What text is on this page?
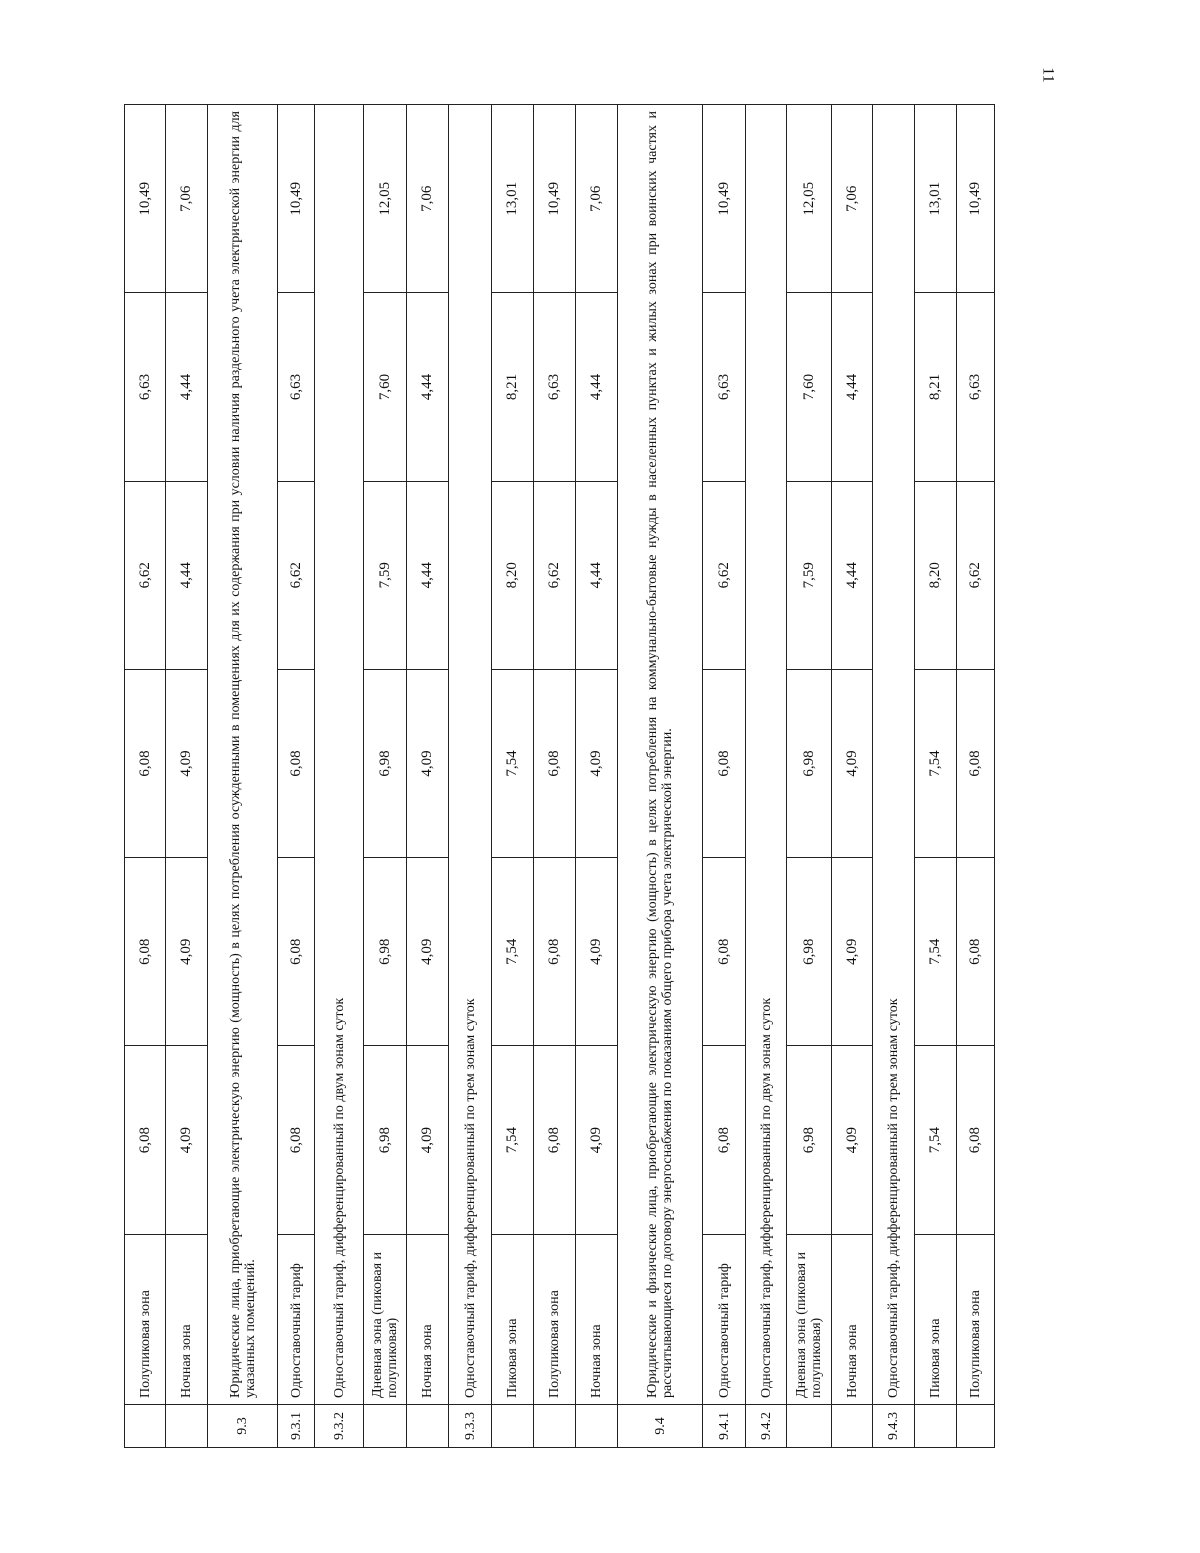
11
	Полупиковая зона	6,08	6,08	6,08	6,62	6,63	10,49
	Ночная зона	4,09	4,09	4,09	4,44	4,44	7,06
9.3	Юридические лица, приобретающие электрическую энергию (мощность) в целях потребления осужденными в помещениях для их содержания при условии наличия раздельного учета электрической энергии для указанных помещений.						
9.3.1	Одноставочный тариф	6,08	6,08	6,08	6,62	6,63	10,49
9.3.2	Одноставочный тариф, дифференцированный по двум зонам суток						
	Дневная зона (пиковая и полупиковая)	6,98	6,98	6,98	7,59	7,60	12,05
	Ночная зона	4,09	4,09	4,09	4,44	4,44	7,06
9.3.3	Одноставочный тариф, дифференцированный по трем зонам суток						
	Пиковая зона	7,54	7,54	7,54	8,20	8,21	13,01
	Полупиковая зона	6,08	6,08	6,08	6,62	6,63	10,49
	Ночная зона	4,09	4,09	4,09	4,44	4,44	7,06
9.4	Юридические и физические лица, приобретающие электрическую энергию (мощность) в целях потребления на коммунально-бытовые нужды в населенных пунктах и жилых зонах при воинских частях и рассчитывающиеся по договору энергоснабжения по показаниям общего прибора учета электрической энергии.						
9.4.1	Одноставочный тариф	6,08	6,08	6,08	6,62	6,63	10,49
9.4.2	Одноставочный тариф, дифференцированный по двум зонам суток						
	Дневная зона (пиковая и полупиковая)	6,98	6,98	6,98	7,59	7,60	12,05
	Ночная зона	4,09	4,09	4,09	4,44	4,44	7,06
9.4.3	Одноставочный тариф, дифференцированный по трем зонам суток						
	Пиковая зона	7,54	7,54	7,54	8,20	8,21	13,01
	Полупиковая зона	6,08	6,08	6,08	6,62	6,63	10,49
